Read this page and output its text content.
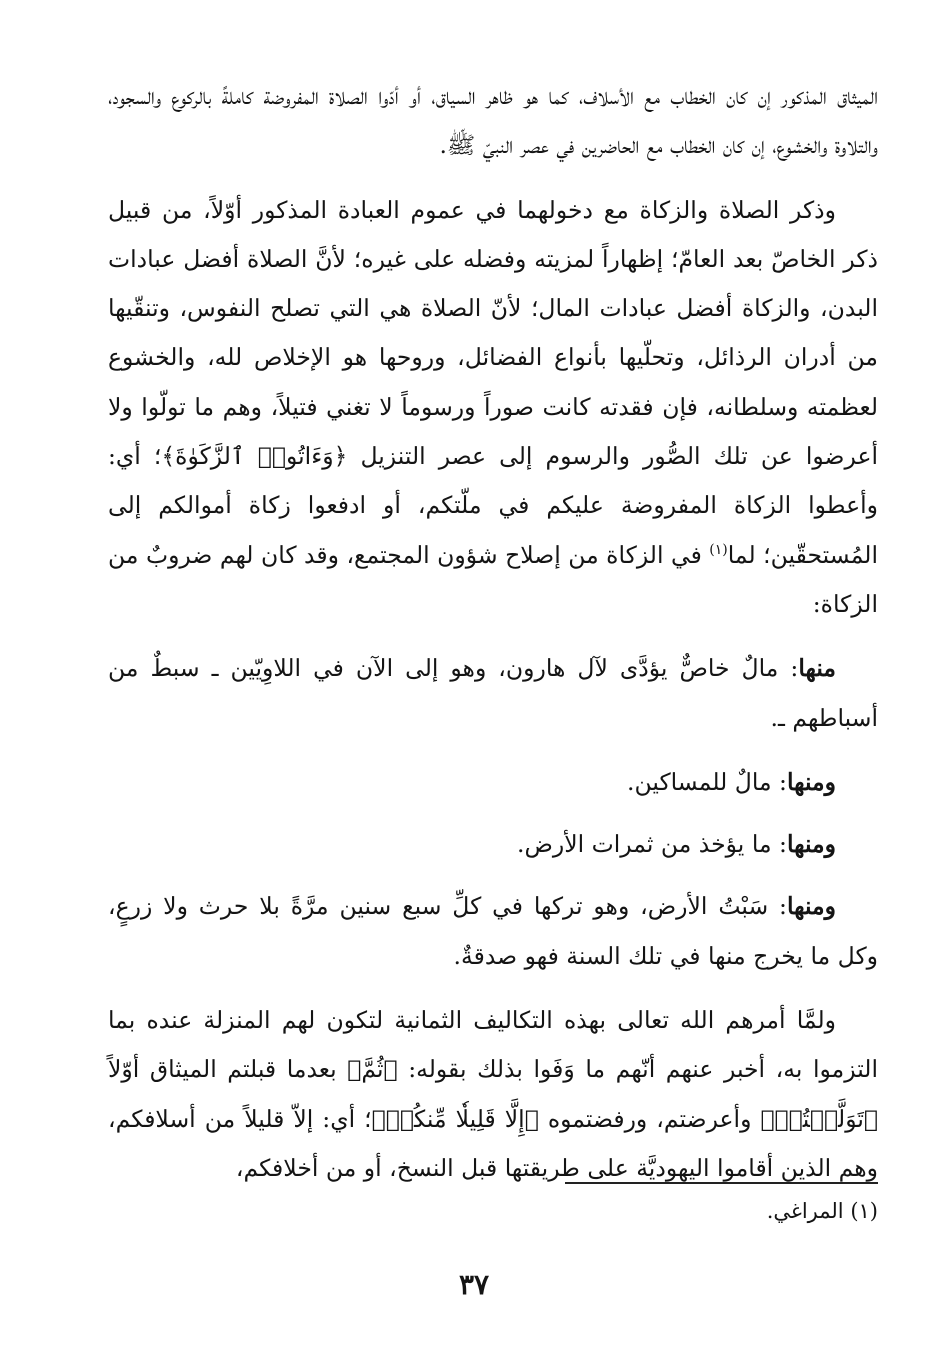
الميثاق المذكور إن كان الخطاب مع الأسلاف، كما هو ظاهر السياق، أو أدّوا الصلاة المفروضة كاملةً بالركوع والسجود، والتلاوة والخشوع، إن كان الخطاب مع الحاضرين في عصر النبيّ ﷺ.

وذكر الصلاة والزكاة مع دخولهما في عموم العبادة المذكور أوّلاً، من قبيل ذكر الخاصّ بعد العامّ؛ إظهاراً لمزيته وفضله على غيره؛ لأنَّ الصلاة أفضل عبادات البدن، والزكاة أفضل عبادات المال؛ لأنّ الصلاة هي التي تصلح النفوس، وتنقّيها من أدران الرذائل، وتحلّيها بأنواع الفضائل، وروحها هو الإخلاص لله، والخشوع لعظمته وسلطانه، فإن فقدته كانت صوراً ورسوماً لا تغني فتيلاً، وهم ما تولّوا ولا أعرضوا عن تلك الصُّور والرسوم إلى عصر التنزيل ﴿وَءَاتُوا۟ ٱلزَّكَوٰةَ﴾؛ أي: وأعطوا الزكاة المفروضة عليكم في ملّتكم، أو ادفعوا زكاة أموالكم إلى المُستحقّين؛ لما$^{(١)}$ في الزكاة من إصلاح شؤون المجتمع، وقد كان لهم ضروبٌ من الزكاة:

منها: مالٌ خاصٌّ يؤدَّى لآل هارون، وهو إلى الآن في اللاوِيّين ـ سبطٌ من أسباطهم ـ.

ومنها: مالٌ للمساكين.

ومنها: ما يؤخذ من ثمرات الأرض.

ومنها: سَبْتُ الأرض، وهو تركها في كلِّ سبع سنين مرَّةً بلا حرث ولا زرعٍ، وكل ما يخرج منها في تلك السنة فهو صدقةٌ.

ولمَّا أمرهم الله تعالى بهذه التكاليف الثمانية لتكون لهم المنزلة عنده بما التزموا به، أخبر عنهم أنّهم ما وَفَوا بذلك بقوله: ﴿ثُمَّ﴾ بعدما قبلتم الميثاق أوّلاً ﴿تَوَلَّيۡتُمۡ﴾ وأعرضتم، ورفضتموه ﴿إِلَّا قَلِيلٗا مِّنكُمۡ﴾؛ أي: إلاّ قليلاً من أسلافكم، وهم الذين أقاموا اليهوديَّة على طريقتها قبل النسخ، أو من أخلافكم،

(١) المراغي.
٣٧
